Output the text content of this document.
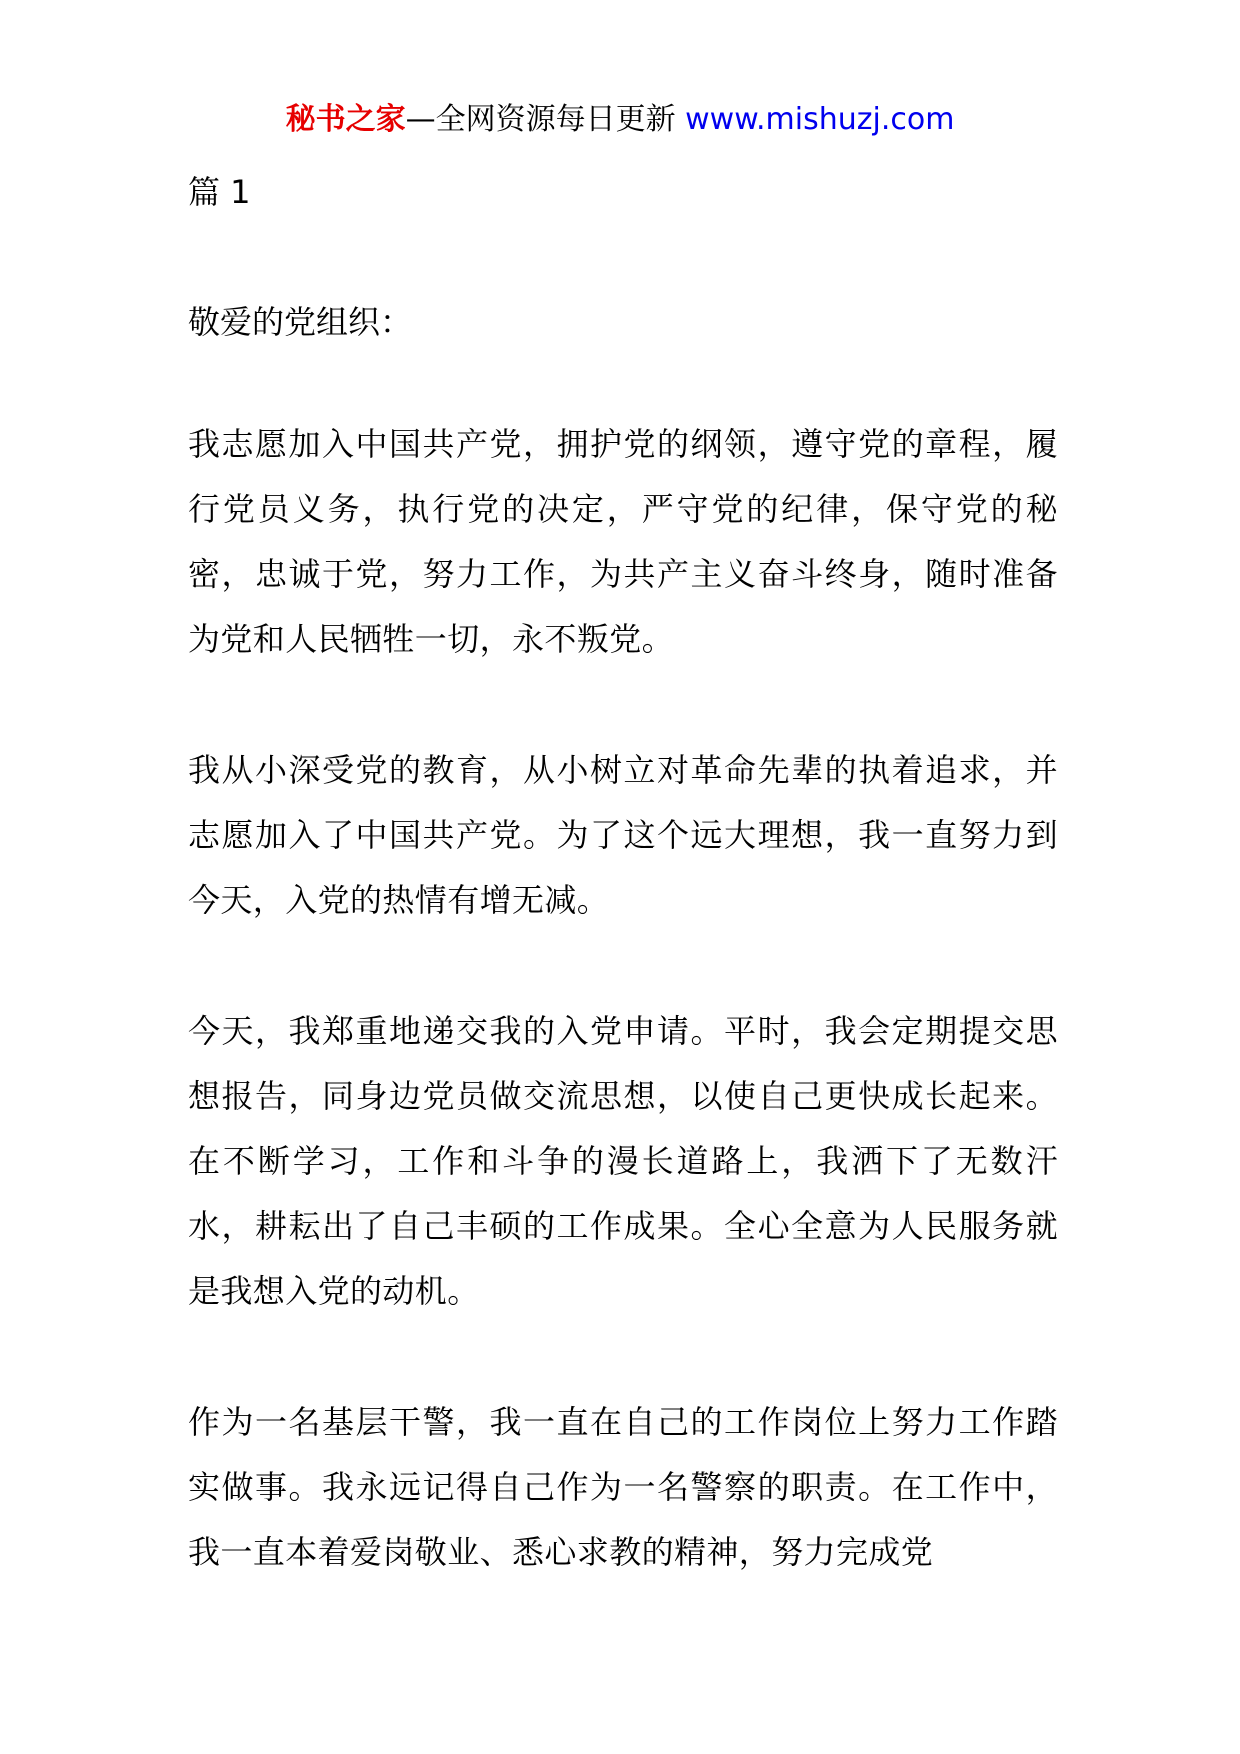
秘书之家—全网资源每日更新 www.mishuzj.com

篇 1

敬爱的党组织：

我志愿加入中国共产党，拥护党的纲领，遵守党的章程，履行党员义务，执行党的决定，严守党的纪律，保守党的秘密，忠诚于党，努力工作，为共产主义奋斗终身，随时准备为党和人民牺牲一切，永不叛党。

我从小深受党的教育，从小树立对革命先辈的执着追求，并志愿加入了中国共产党。为了这个远大理想，我一直努力到今天，入党的热情有增无减。

今天，我郑重地递交我的入党申请。平时，我会定期提交思想报告，同身边党员做交流思想，以使自己更快成长起来。在不断学习，工作和斗争的漫长道路上，我洒下了无数汗水，耕耘出了自己丰硕的工作成果。全心全意为人民服务就是我想入党的动机。

作为一名基层干警，我一直在自己的工作岗位上努力工作踏实做事。我永远记得自己作为一名警察的职责。在工作中，我一直本着爱岗敬业、悉心求教的精神，努力完成党
